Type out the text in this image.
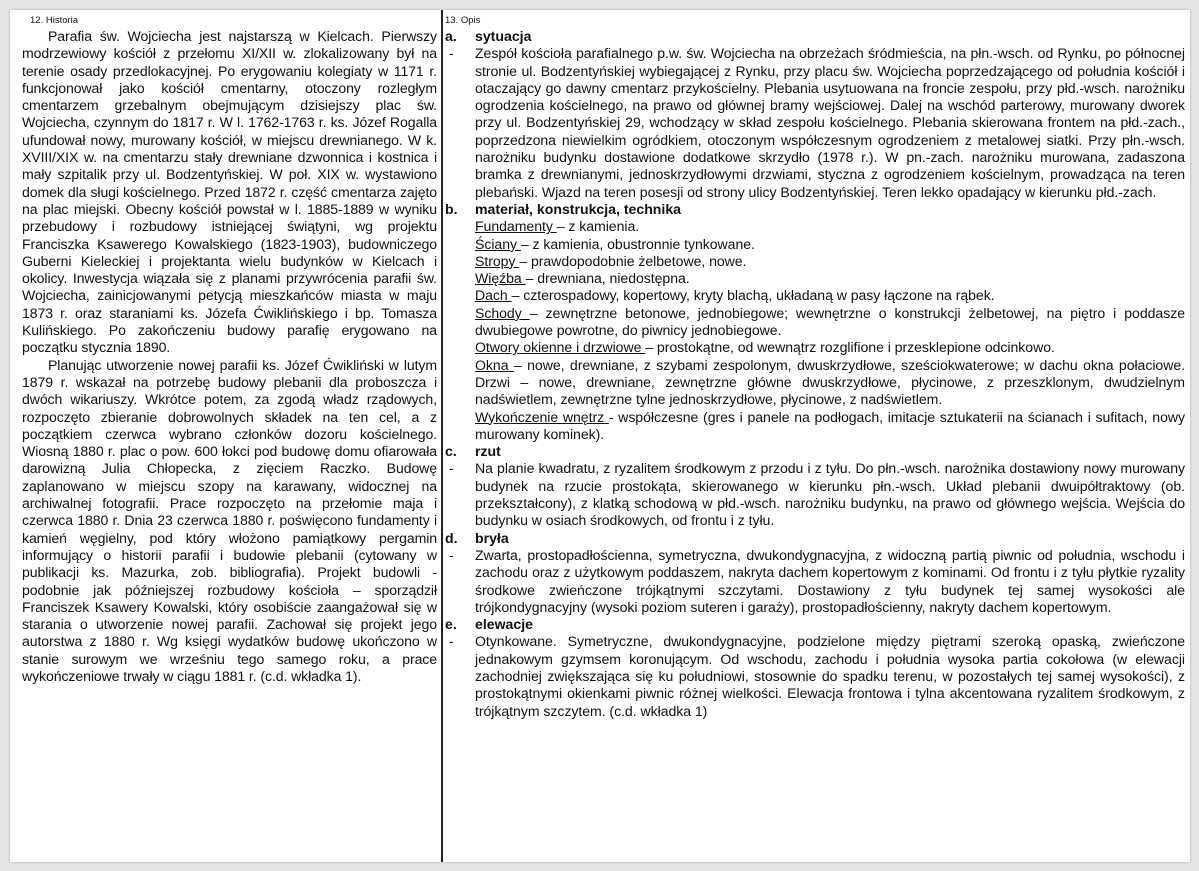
12. Historia

Parafia św. Wojciecha jest najstarszą w Kielcach. Pierwszy modrzewiowy kościół z przełomu XI/XII w. zlokalizowany był na terenie osady przedlokacyjnej. Po erygowaniu kolegiaty w 1171 r. funkcjonował jako kościół cmentarny, otoczony rozległym cmentarzem grzebalnym obejmującym dzisiejszy plac św. Wojciecha, czynnym do 1817 r. W l. 1762-1763 r. ks. Józef Rogalla ufundował nowy, murowany kościół, w miejscu drewnianego. W k. XVIII/XIX w. na cmentarzu stały drewniane dzwonnica i kostnica i mały szpitalik przy ul. Bodzentyńskiej. W poł. XIX w. wystawiono domek dla sługi kościelnego. Przed 1872 r. część cmentarza zajęto na plac miejski. Obecny kościół powstał w l. 1885-1889 w wyniku przebudowy i rozbudowy istniejącej świątyni, wg projektu Franciszka Ksawerego Kowalskiego (1823-1903), budowniczego Guberni Kieleckiej i projektanta wielu budynków w Kielcach i okolicy. Inwestycja wiązała się z planami przywrócenia parafii św. Wojciecha, zainicjowanymi petycją mieszkańców miasta w maju 1873 r. oraz staraniami ks. Józefa Ćwiklińskiego i bp. Tomasza Kulińskiego. Po zakończeniu budowy parafię erygowano na początku stycznia 1890.

Planując utworzenie nowej parafii ks. Józef Ćwikliński w lutym 1879 r. wskazał na potrzebę budowy plebanii dla proboszcza i dwóch wikariuszy. Wkrótce potem, za zgodą władz rządowych, rozpoczęto zbieranie dobrowolnych składek na ten cel, a z początkiem czerwca wybrano członków dozoru kościelnego. Wiosną 1880 r. plac o pow. 600 łokci pod budowę domu ofiarowała darowizną Julia Chłopecka, z zięciem Raczko. Budowę zaplanowano w miejscu szopy na karawany, widocznej na archiwalnej fotografii. Prace rozpoczęto na przełomie maja i czerwca 1880 r. Dnia 23 czerwca 1880 r. poświęcono fundamenty i kamień węgielny, pod który włożono pamiątkowy pergamin informujący o historii parafii i budowie plebanii (cytowany w publikacji ks. Mazurka, zob. bibliografia). Projekt budowli - podobnie jak późniejszej rozbudowy kościoła – sporządził Franciszek Ksawery Kowalski, który osobiście zaangażował się w starania o utworzenie nowej parafii. Zachował się projekt jego autorstwa z 1880 r. Wg księgi wydatków budowę ukończono w stanie surowym we wrześniu tego samego roku, a prace wykończeniowe trwały w ciągu 1881 r. (c.d. wkładka 1).

13. Opis
a.	sytuacja
-	Zespół kościoła parafialnego p.w. św. Wojciecha na obrzeżach śródmieścia, na płn.-wsch. od Rynku, po północnej stronie ul. Bodzentyńskiej wybiegającej z Rynku, przy placu św. Wojciecha poprzedzającego od południa kościół i otaczający go dawny cmentarz przykościelny. Plebania usytuowana na froncie zespołu, przy płd.-wsch. narożniku ogrodzenia kościelnego, na prawo od głównej bramy wejściowej. Dalej na wschód parterowy, murowany dworek przy ul. Bodzentyńskiej 29, wchodzący w skład zespołu kościelnego. Plebania skierowana frontem na płd.-zach., poprzedzona niewielkim ogródkiem, otoczonym współczesnym ogrodzeniem z metalowej siatki. Przy płn.-wsch. narożniku budynku dostawione dodatkowe skrzydło (1978 r.). W pn.-zach. narożniku murowana, zadaszona bramka z drewnianymi, jednoskrzydłowymi drzwiami, styczna z ogrodzeniem kościelnym, prowadząca na teren plebański. Wjazd na teren posesji od strony ulicy Bodzentyńskiej. Teren lekko opadający w kierunku płd.-zach.

b.	materiał, konstrukcja, technika

Fundamenty – z kamienia.

Ściany – z kamienia, obustronnie tynkowane.

Stropy – prawdopodobnie żelbetowe, nowe.

Więźba – drewniana, niedostępna.

Dach – czterospadowy, kopertowy, kryty blachą, układaną w pasy łączone na rąbek.

Schody – zewnętrzne betonowe, jednobiegowe; wewnętrzne o konstrukcji żelbetowej, na piętro i poddasze dwubiegowe powrotne, do piwnicy jednobiegowe.

Otwory okienne i drzwiowe – prostokątne, od wewnątrz rozglifione i przesklepione odcinkowo.

Okna – nowe, drewniane, z szybami zespolonym, dwuskrzydłowe, sześciokwaterowe; w dachu okna połaciowe. Drzwi – nowe, drewniane, zewnętrzne główne dwuskrzydłowe, płycinowe, z przeszklonym, dwudzielnym nadświetlem, zewnętrzne tylne jednoskrzydłowe, płycinowe, z nadświetlem.

Wykończenie wnętrz - współczesne (gres i panele na podłogach, imitacje sztukaterii na ścianach i sufitach, nowy murowany kominek).

c.	rzut
-	Na planie kwadratu, z ryzalitem środkowym z przodu i z tyłu. Do płn.-wsch. narożnika dostawiony nowy murowany budynek na rzucie prostokąta, skierowanego w kierunku płn.-wsch. Układ plebanii dwuipółtraktowy (ob. przekształcony), z klatką schodową w płd.-wsch. narożniku budynku, na prawo od głównego wejścia. Wejścia do budynku w osiach środkowych, od frontu i z tyłu.

d.	bryła
-	Zwarta, prostopadłościenna, symetryczna, dwukondygnacyjna, z widoczną partią piwnic od południa, wschodu i zachodu oraz z użytkowym poddaszem, nakryta dachem kopertowym z kominami. Od frontu i z tyłu płytkie ryzality środkowe zwieńczone trójkątnymi szczytami. Dostawiony z tyłu budynek tej samej wysokości ale trójkondygnacyjny (wysoki poziom suteren i garaży), prostopadłościenny, nakryty dachem kopertowym.

e.	elewacje
-	Otynkowane. Symetryczne, dwukondygnacyjne, podzielone między piętrami szeroką opaską, zwieńczone jednakowym gzymsem koronującym. Od wschodu, zachodu i południa wysoka partia cokołowa (w elewacji zachodniej zwiększająca się ku południowi, stosownie do spadku terenu, w pozostałych tej samej wysokości), z prostokątnymi okienkami piwnic różnej wielkości. Elewacja frontowa i tylna akcentowana ryzalitem środkowym, z trójkątnym szczytem. (c.d. wkładka 1)
